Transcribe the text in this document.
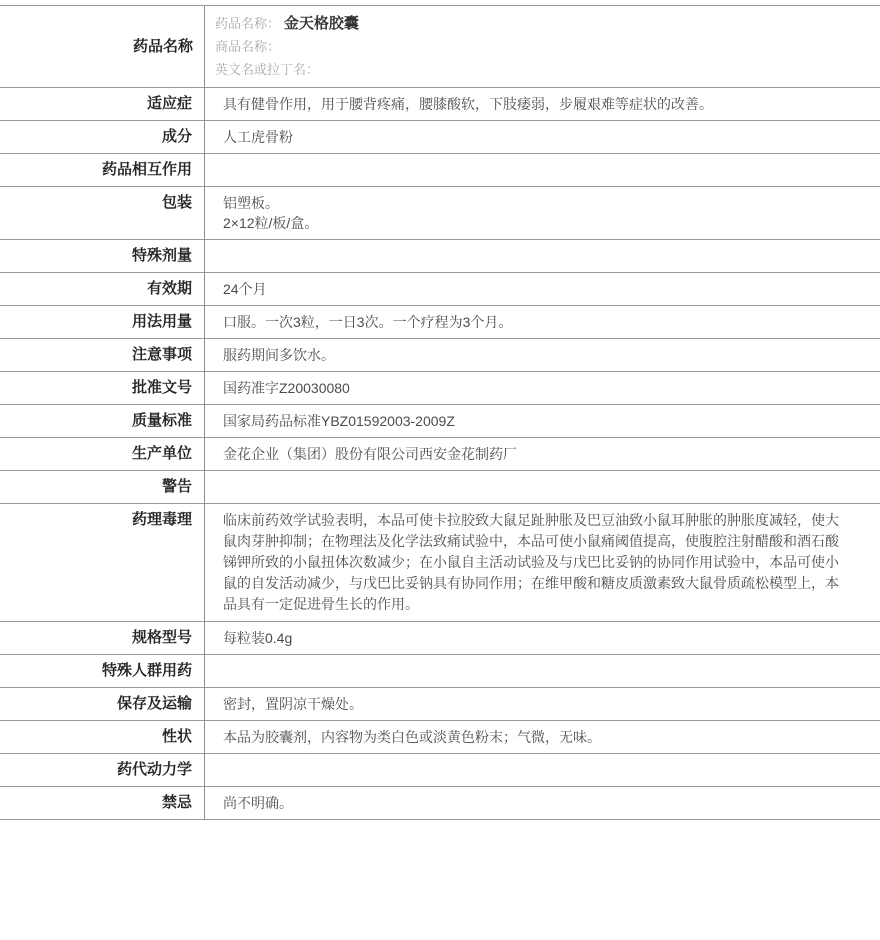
药品名称
药品名称： 金天格胶囊
商品名称：
英文名或拉丁名：
适应症	具有健骨作用，用于腰背疼痛，腰膝酸软，下肢痿弱，步履艰难等症状的改善。
成分	人工虎骨粉
药品相互作用
包装	铝塑板。
2×12粒/板/盒。
特殊剂量
有效期	24个月
用法用量	口服。一次3粒，一日3次。一个疗程为3个月。
注意事项	服药期间多饮水。
批准文号	国药准字Z20030080
质量标准	国家局药品标准YBZ01592003-2009Z
生产单位	金花企业（集团）股份有限公司西安金花制药厂
警告
药理毒理	临床前药效学试验表明，本品可使卡拉胶致大鼠足趾肿胀及巴豆油致小鼠耳肿胀的肿胀度减轻，使大鼠肉芽肿抑制；在物理法及化学法致痛试验中，本品可使小鼠痛阈值提高，使腹腔注射醋酸和酒石酸锑钾所致的小鼠扭体次数减少；在小鼠自主活动试验及与戊巴比妥钠的协同作用试验中，本品可使小鼠的自发活动减少，与戊巴比妥钠具有协同作用；在维甲酸和糖皮质激素致大鼠骨质疏松模型上，本品具有一定促进骨生长的作用。
规格型号	每粒装0.4g
特殊人群用药
保存及运输	密封，置阴凉干燥处。
性状	本品为胶囊剂，内容物为类白色或淡黄色粉末；气微，无味。
药代动力学
禁忌	尚不明确。
